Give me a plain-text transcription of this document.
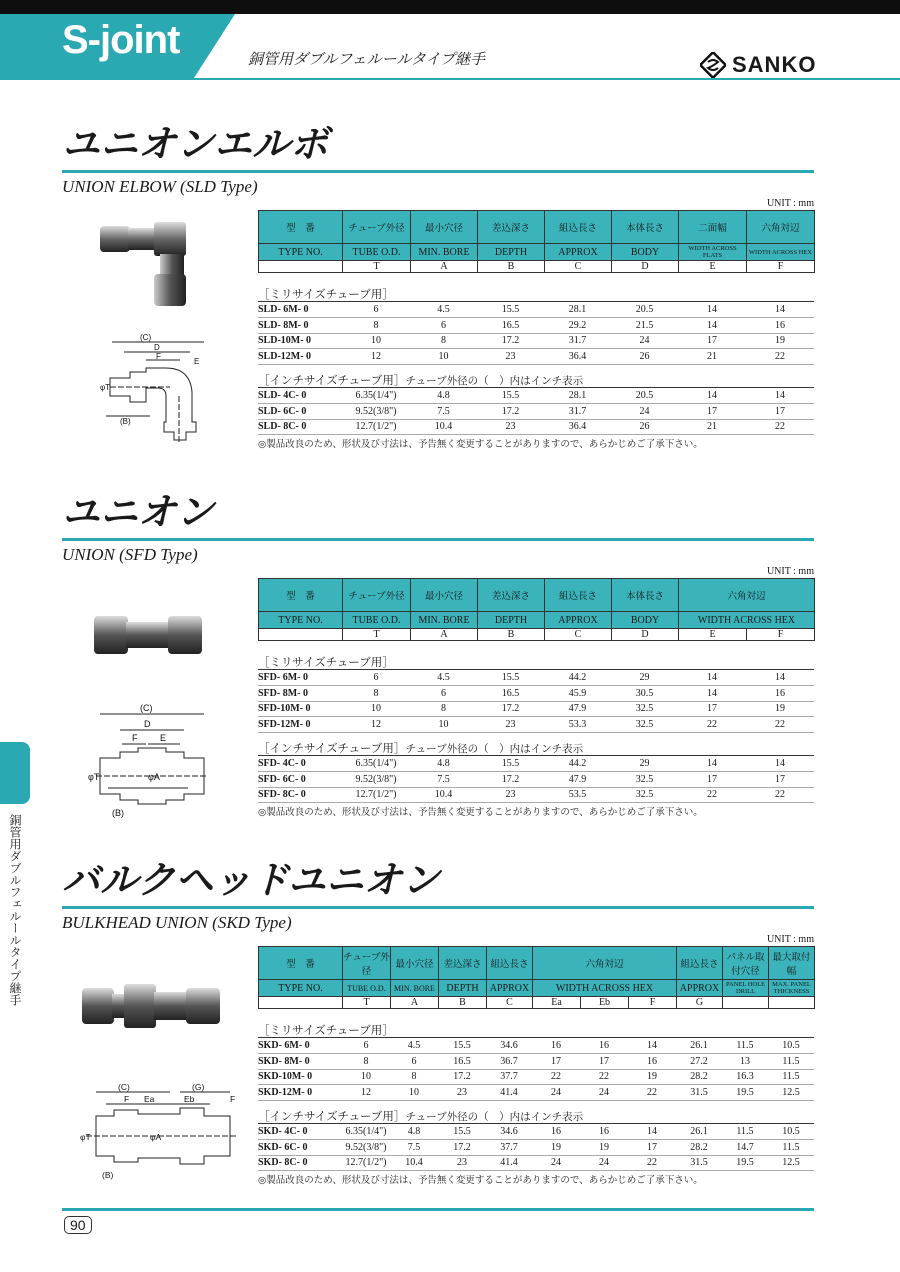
S-joint	銅管用ダブルフェルールタイプ継手	SANKO
銅管用ダブルフェルールタイプ継手
ユニオンエルボ
UNION ELBOW (SLD Type)
UNIT : mm
(C)
D
F
E
φT
(B)
型　番	チューブ外径	最小穴径	差込深さ	組込長さ	本体長さ	二面幅	六角対辺
TYPE NO.	TUBE O.D.	MIN. BORE	DEPTH	APPROX	BODY	WIDTH ACROSS FLATS	WIDTH ACROSS HEX
	T	A	B	C	D	E	F
［ミリサイズチューブ用］
SLD- 6M- 0	6	4.5	15.5	28.1	20.5	14	14
SLD- 8M- 0	8	6	16.5	29.2	21.5	14	16
SLD-10M- 0	10	8	17.2	31.7	24	17	19
SLD-12M- 0	12	10	23	36.4	26	21	22
［インチサイズチューブ用］チューブ外径の（　）内はインチ表示
SLD- 4C- 0	6.35(1/4")	4.8	15.5	28.1	20.5	14	14
SLD- 6C- 0	9.52(3/8")	7.5	17.2	31.7	24	17	17
SLD- 8C- 0	12.7(1/2")	10.4	23	36.4	26	21	22
◎製品改良のため、形状及び寸法は、予告無く変更することがありますので、あらかじめご了承下さい。
ユニオン
UNION (SFD Type)
UNIT : mm
(C)
D
F	E
φT	φA
(B)
型　番	チューブ外径	最小穴径	差込深さ	組込長さ	本体長さ	六角対辺	
TYPE NO.	TUBE O.D.	MIN. BORE	DEPTH	APPROX	BODY	WIDTH ACROSS HEX	
	T	A	B	C	D	E	F
［ミリサイズチューブ用］
SFD- 6M- 0	6	4.5	15.5	44.2	29	14	14
SFD- 8M- 0	8	6	16.5	45.9	30.5	14	16
SFD-10M- 0	10	8	17.2	47.9	32.5	17	19
SFD-12M- 0	12	10	23	53.3	32.5	22	22
［インチサイズチューブ用］チューブ外径の（　）内はインチ表示
SFD- 4C- 0	6.35(1/4")	4.8	15.5	44.2	29	14	14
SFD- 6C- 0	9.52(3/8")	7.5	17.2	47.9	32.5	17	17
SFD- 8C- 0	12.7(1/2")	10.4	23	53.5	32.5	22	22
◎製品改良のため、形状及び寸法は、予告無く変更することがありますので、あらかじめご了承下さい。
バルクヘッドユニオン
BULKHEAD UNION (SKD Type)
UNIT : mm
(C)	(G)
F Ea	Eb	F
φT	φA
(B)
型　番	チューブ外径	最小穴径	差込深さ	組込長さ	六角対辺			組込長さ	パネル取付穴径	最大取付幅
TYPE NO.	TUBE O.D.	MIN. BORE	DEPTH	APPROX	WIDTH ACROSS HEX			APPROX	PANEL HOLE DRILL	MAX. PANEL THICKNESS
	T	A	B	C	Ea	Eb	F	G		
［ミリサイズチューブ用］
SKD- 6M- 0	6	4.5	15.5	34.6	16	16	14	26.1	11.5	10.5
SKD- 8M- 0	8	6	16.5	36.7	17	17	16	27.2	13	11.5
SKD-10M- 0	10	8	17.2	37.7	22	22	19	28.2	16.3	11.5
SKD-12M- 0	12	10	23	41.4	24	24	22	31.5	19.5	12.5
［インチサイズチューブ用］チューブ外径の（　）内はインチ表示
SKD- 4C- 0	6.35(1/4")	4.8	15.5	34.6	16	16	14	26.1	11.5	10.5
SKD- 6C- 0	9.52(3/8")	7.5	17.2	37.7	19	19	17	28.2	14.7	11.5
SKD- 8C- 0	12.7(1/2")	10.4	23	41.4	24	24	22	31.5	19.5	12.5
◎製品改良のため、形状及び寸法は、予告無く変更することがありますので、あらかじめご了承下さい。
90
